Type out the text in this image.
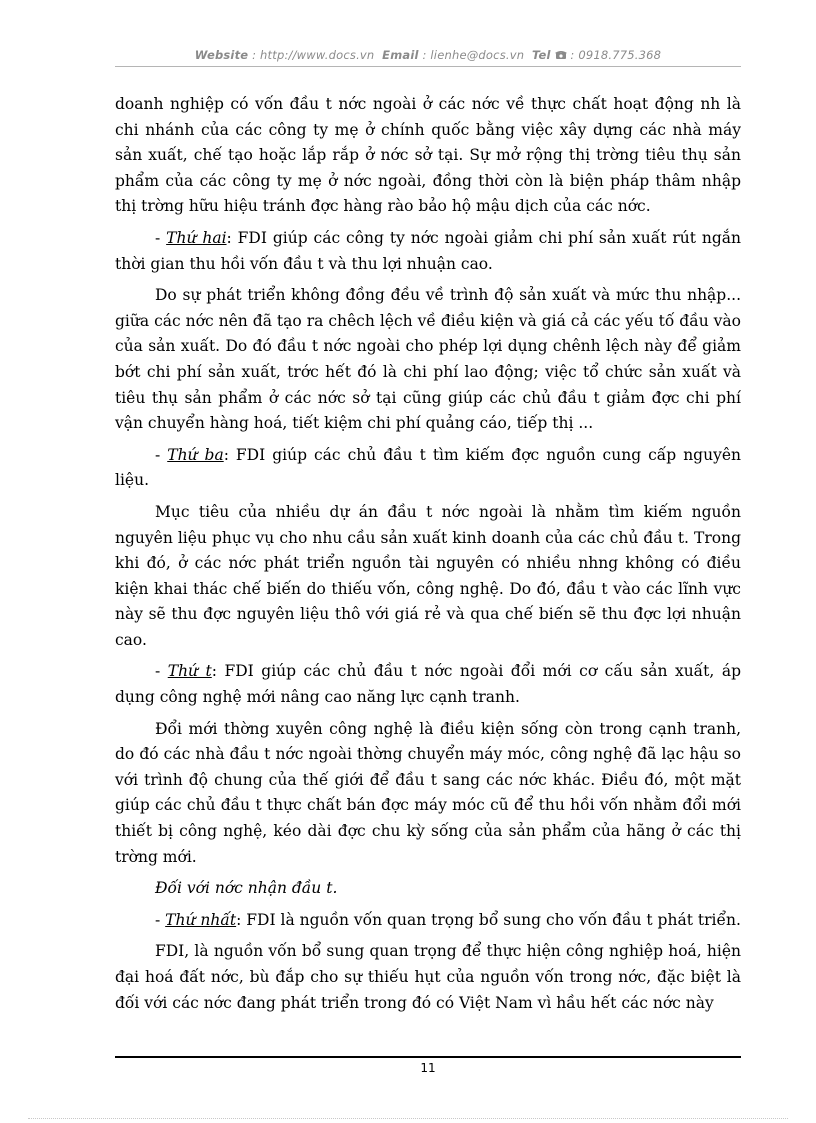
Website : http://www.docs.vn Email : lienhe@docs.vn Tel : 0918.775.368

doanh nghiệp có vốn đầu t nớc ngoài ở các nớc về thực chất hoạt động nh là chi nhánh của các công ty mẹ ở chính quốc bằng việc xây dựng các nhà máy sản xuất, chế tạo hoặc lắp rắp ở nớc sở tại. Sự mở rộng thị trờng tiêu thụ sản phẩm của các công ty mẹ ở nớc ngoài, đồng thời còn là biện pháp thâm nhập thị trờng hữu hiệu tránh đợc hàng rào bảo hộ mậu dịch của các nớc.

- Thứ hai: FDI giúp các công ty nớc ngoài giảm chi phí sản xuất rút ngắn thời gian thu hồi vốn đầu t và thu lợi nhuận cao.

Do sự phát triển không đồng đều về trình độ sản xuất và mức thu nhập... giữa các nớc nên đã tạo ra chêch lệch về điều kiện và giá cả các yếu tố đầu vào của sản xuất. Do đó đầu t nớc ngoài cho phép lợi dụng chênh lệch này để giảm bớt chi phí sản xuất, trớc hết đó là chi phí lao động; việc tổ chức sản xuất và tiêu thụ sản phẩm ở các nớc sở tại cũng giúp các chủ đầu t giảm đợc chi phí vận chuyển hàng hoá, tiết kiệm chi phí quảng cáo, tiếp thị ...

- Thứ ba: FDI giúp các chủ đầu t tìm kiếm đợc nguồn cung cấp nguyên liệu.

Mục tiêu của nhiều dự án đầu t nớc ngoài là nhằm tìm kiếm nguồn nguyên liệu phục vụ cho nhu cầu sản xuất kinh doanh của các chủ đầu t. Trong khi đó, ở các nớc phát triển nguồn tài nguyên có nhiều nhng không có điều kiện khai thác chế biến do thiếu vốn, công nghệ. Do đó, đầu t vào các lĩnh vực này sẽ thu đợc nguyên liệu thô với giá rẻ và qua chế biến sẽ thu đợc lợi nhuận cao.

- Thứ t: FDI giúp các chủ đầu t nớc ngoài đổi mới cơ cấu sản xuất, áp dụng công nghệ mới nâng cao năng lực cạnh tranh.

Đổi mới thờng xuyên công nghệ là điều kiện sống còn trong cạnh tranh, do đó các nhà đầu t nớc ngoài thờng chuyển máy móc, công nghệ đã lạc hậu so với trình độ chung của thế giới để đầu t sang các nớc khác. Điều đó, một mặt giúp các chủ đầu t thực chất bán đợc máy móc cũ để thu hồi vốn nhằm đổi mới thiết bị công nghệ, kéo dài đợc chu kỳ sống của sản phẩm của hãng ở các thị trờng mới.

Đối với nớc nhận đầu t.

- Thứ nhất: FDI là nguồn vốn quan trọng bổ sung cho vốn đầu t phát triển.

FDI, là nguồn vốn bổ sung quan trọng để thực hiện công nghiệp hoá, hiện đại hoá đất nớc, bù đắp cho sự thiếu hụt của nguồn vốn trong nớc, đặc biệt là đối với các nớc đang phát triển trong đó có Việt Nam vì hầu hết các nớc này

11
